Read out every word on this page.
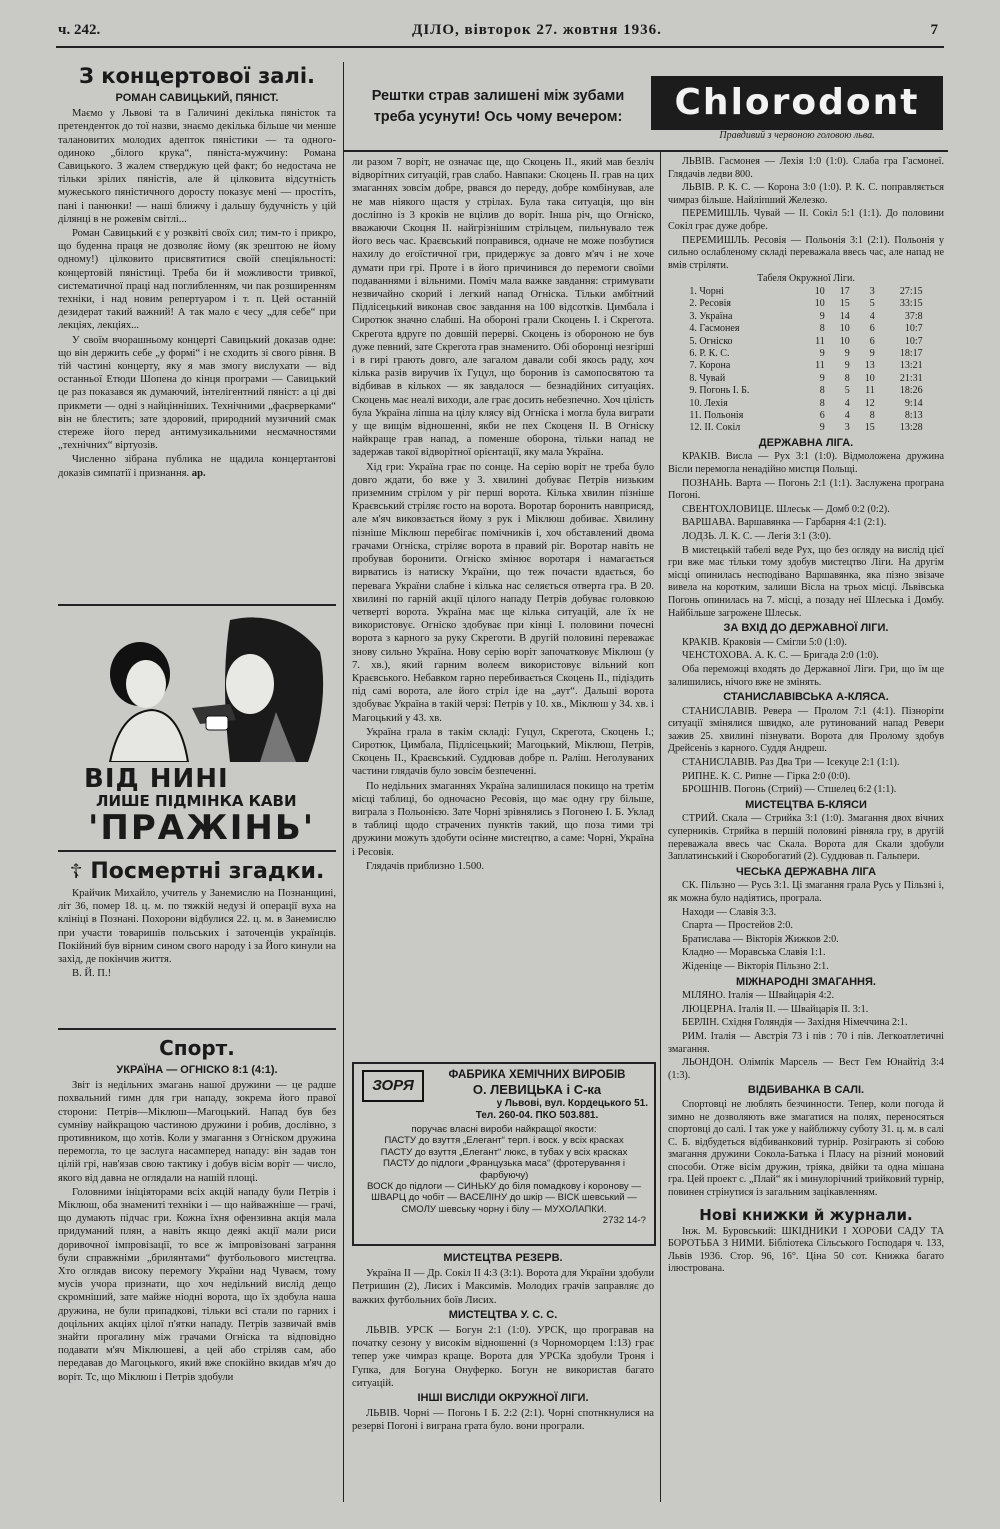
ч. 242.	ДІЛО, вівторок 27. жовтня 1936.	7
З концертової залі.
РОМАН САВИЦЬКИЙ, ПЯНІСТ.

Маємо у Львові та в Галичині декілька пяністок та претенденток до тої назви, знаємо декілька більше чи менше талановитих молодих адепток пяністики — та одного-одиноко „білого крука“, пяніста-мужчину: Романа Савицького. З жалем стверджую цей факт; бо недостача не тільки зрілих пяністів, але й цілковита відсутність мужеського пяністичного доросту показує мені — простіть, пані і панюнки! — наші ближчу і дальшу будучність у цій ділянці в не рожевім світлі...

Роман Савицький є у розквіті своїх сил; тим-то і прикро, що буденна праця не дозволяє йому (як зрештою не йому одному!) цілковито присвятитися своїй спеціяльності: концертовій пяністиці. Треба би й можливости тривкої, систематичної праці над поглибленням, чи пак розширенням техніки, і над новим репертуаром і т. п. Цей останній дезидерат такий важний! А так мало є чесу „для себе“ при лекціях, лекціях...

У своїм вчорашньому концерті Савицький доказав одне: що він держить себе „у формі“ і не сходить зі свого рівня. В тій частині концерту, яку я мав змогу вислухати — від останньої Етюди Шопена до кінця програми — Савицький це раз показався як думаючий, інтелігентний пяніст: а ці дві прикмети — одні з найцінніших. Технічними „фаєрверками“ він не блестить; зате здоровий, природний музичний смак стереже його перед антимузикальними несмачностями „технічних“ віртуозів.

Численно зібрана публика не щадила концертантові доказів симпатії і признання. ар.

ВІД НИНІ
ЛИШЕ ПІДМІНКА КАВИ
'ПРАЖІНЬ'
☦ Посмертні згадки.

Крайчик Михайло, учитель у Занемислю на Познанщині, літ 36, помер 18. ц. м. по тяжкій недузі й операції вуха на клініці в Познані. Похорони відбулися 22. ц. м. в Занемислю при участи товаришів польських і заточенців українців. Покійний був вірним сином свого народу і за Його кинули на захід, де покінчив життя.

В. Й. П.!

Спорт.
УКРАЇНА — ОГНІСКО 8:1 (4:1).

Звіт із недільних змагань нашої дружини — це радше похвальний гимн для гри нападу, зокрема його правої сторони: Петрів—Міклюш—Магоцький. Напад був без сумніву найкращою частиною дружини і робив, дослівно, з противником, що хотів. Коли у змагання з Огніском дружина перемогла, то це заслуга насамперед нападу: він задав тон цілій грі, нав'язав свою тактику і добув вісім воріт — число, якого від давна не оглядали на нашій площі.

Головними ініціяторами всіх акцій нападу були Петрів і Міклюш, оба знамениті техніки і — що найважніше — грачі, що думають підчас гри. Кожна їхня офензивна акція мала придуманий плян, а навіть якщо деякі акції мали риси доривочної імпровізації, то все ж імпровізовані заграння були справжніми „брилянтами“ футбольового мистецтва. Хто оглядав високу перемогу України над Чуваєм, тому мусів учора признати, що хоч недільний вислід дещо скромніший, зате майже ніодні ворота, що їх здобула наша дружина, не були припадкові, тільки всі стали по гарних і доцільних акціях цілої п'ятки нападу. Петрів зазвичай вмів знайти прогалину між грачами Огніска та відповідно подавати м'яч Міклюшеві, а цей або стріляв сам, або передавав до Магоцького, який вже спокійно вкидав м'яч до воріт. Тс, що Міклюш і Петрів здобули

Рештки страв залишені між зубами треба усунути! Ось чому вечером:	Chlorodont
Правдивий з червоною головою льва.

ли разом 7 воріт, не означає ще, що Скоцень II., який мав безліч відворітних ситуацій, грав слабо. Навпаки: Скоцень II. грав на цих змаганнях зовсім добре, рвався до переду, добре комбінував, але не мав ніякого щастя у стрілах. Була така ситуація, що він досліпно із 3 кроків не вцілив до воріт. Інша річ, що Огніско, вважаючи Скоцня II. найгрізнішим стрільцем, пильнувало теж його весь час. Краєвський поправився, одначе не може позбутися нахилу до егоїстичної гри, придержує за довго м'яч і не хоче думати при грі. Проте і в його причинився до перемоги своїми подаваннями і вільними. Поміч мала важке завдання: стримувати незвичайно скорий і легкий напад Огніска. Тільки амбітний Підлісецький виконав своє завдання на 100 відсотків. Цимбала і Сиротюк значно слабші. На обороні грали Скоцень I. і Скрегота. Скрегота вдруге по довшій перерві. Скоцень із обороною не був дуже певний, зате Скрегота грав знаменито. Обі оборонці незгірші і в гирі грають довго, але загалом давали собі якось раду, хоч кілька разів виручив їх Гуцул, що боронив із самопосвятою та відбивав в кількох — як завдалося — безнадійних ситуаціях. Скоцень має неалі виходи, але грає досить небезпечно. Хоч цілість була Україна ліпша на цілу клясу від Огніска і могла була виграти у ще вищім відношенні, якби не пех Скоценя II. В Огніску найкраще грав напад, а поменше оборона, тільки напад не задержав такої відворітної орієнтації, яку мала Україна.

Хід гри: Україна грає по сонце. На серію воріт не треба було довго ждати, бо вже у 3. хвилині добуває Петрів низьким приземним стрілом у ріг перші ворота. Кілька хвилин пізніше Краєвський стріляє госто на ворота. Воротар боронить навприсяд, але м'яч виковзається йому з рук і Міклюш добиває. Хвилину пізніше Міклюш перебігає помічників і, хоч обставлений двома грачами Огніска, стріляє ворота в правий ріг. Воротар навіть не пробував боронити. Огніско змінює воротаря і намагається вирватись із натиску України, що теж почасти вдається, бо перевага України слабне і кілька нас селяється отверта гра. В 20. хвилині по гарній акції цілого нападу Петрів добуває головкою четверті ворота. Україна має ще кілька ситуацій, але їх не використовує. Огніско здобуває при кінці I. половини почесні ворота з карного за руку Скреготи. В другій половині переважає знову сильно Україна. Нову серію воріт започатковує Міклюш (у 7. хв.), який гарним волеєм використовує вільний коп Краєвського. Небавком гарно перебивається Скоцень II., підіздить під самі ворота, але його стріл іде на „аут“. Дальші ворота здобуває Україна в такій черзі: Петрів у 10. хв., Міклюш у 34. хв. і Магоцький у 43. хв.

Україна грала в такім складі: Гуцул, Скрегота, Скоцень I.; Сиротюк, Цимбала, Підлісецький; Магоцький, Міклюш, Петрів, Скоцень II., Краєвський. Суддював добре п. Раліш. Неголуваних частини глядачів було зовсім безпеченні.

По недільних змаганнях Україна залишилася покищо на третім місці таблиці, бо одночасно Ресовія, що має одну гру більше, виграла з Польонією. Зате Чорні зрівнялись з Погонею I. Б. Уклад в таблиці щодо страчених пунктів такий, що поза тими трі дружини можуть здобути осінне мистецтво, а саме: Чорні, Україна і Ресовія.

Глядачів приблизно 1.500.

ЗОРЯ
ФАБРИКА ХЕМІЧНИХ ВИРОБІВ
О. ЛЕВИЦЬКА і С-ка
у Львові, вул. Кордецького 51.
Тел. 260-04. ПКО 503.881.
поручає власні вироби найкращої якости:
ПАСТУ до взуття „Елегант“ терп. і воск. у всіх красках
ПАСТУ до взуття „Елегант“ люкс, в тубах у всіх красках
ПАСТУ до підлоги „Французька маса“ (фротерування і фарбуючу)
ВОСК до підлоги — СИНЬКУ до біля помадкову і коронову — ШВАРЦ до чобіт — ВАСЕЛІНУ до шкір — ВІСК шевський — СМОЛУ шевську чорну і білу — МУХОЛАПКИ.
2732 14-?
МИСТЕЦТВА РЕЗЕРВ.

Україна II — Др. Сокіл II 4:3 (3:1). Ворота для України здобули Петришин (2), Лисих і Максимів. Молодих грачів заправляє до важких футбольних боїв Лисих.

МИСТЕЦТВА У. С. С.

ЛЬВІВ. УРСК — Богун 2:1 (1:0). УРСК, що програвав на початку сезону у високім відношенні (з Чорноморцем 1:13) грає тепер уже чимраз краще. Ворота для УРСКа здобули Троня і Гупка, для Богуна Онуферко. Богун не використав багато ситуацій.

ІНШІ ВИСЛІДИ ОКРУЖНОЇ ЛІГИ.

ЛЬВІВ. Чорні — Погонь I Б. 2:2 (2:1). Чорні спотнкнулися на резерві Погоні і виграна грата було. вони програли.

ЛЬВІВ. Гасмонея — Лехія 1:0 (1:0). Слаба гра Гасмонеї. Глядачів ледви 800.

ЛЬВІВ. Р. К. С. — Корона 3:0 (1:0). Р. К. С. поправляється чимраз більше. Найліпший Железко.

ПЕРЕМИШЛЬ. Чувай — II. Сокіл 5:1 (1:1). До половини Сокіл грає дуже добре.

ПЕРЕМИШЛЬ. Ресовія — Польонія 3:1 (2:1). Польонія у сильно ослабленому складі переважала ввесь час, але напад не вмів стріляти.

Табеля Окружної Ліги.
1. Чорні	10	17	3	27:15
2. Ресовія	10	15	5	33:15
3. Україна	9	14	4	37:8
4. Гасмонея	8	10	6	10:7
5. Огніско	11	10	6	10:7
6. Р. К. С.	9	9	9	18:17
7. Корона	11	9	13	13:21
8. Чувай	9	8	10	21:31
9. Погонь I. Б.	8	5	11	18:26
10. Лехія	8	4	12	9:14
11. Польонія	6	4	8	8:13
12. II. Сокіл	9	3	15	13:28
ДЕРЖАВНА ЛІГА.

КРАКІВ. Висла — Рух 3:1 (1:0). Відмоложена дружина Вісли перемогла ненадійно мистця Польщі.

ПОЗНАНЬ. Варта — Погонь 2:1 (1:1). Заслужена програна Погоні.

СВЕНТОХЛОВИЦЕ. Шлеськ — Домб 0:2 (0:2).

ВАРШАВА. Варшавянка — Гарбарня 4:1 (2:1).

ЛОДЗЬ. Л. К. С. — Легія 3:1 (3:0).

В мистецькій табелі веде Рух, що без огляду на вислід цієї гри вже має тільки тому здобув мистецтво Ліги. На другім місці опинилась несподівано Варшавянка, яка пізно звізаче вивела на коротким, залиши Вісла на трьох місці. Львівська Погонь опинилась на 7. місці, а позаду неї Шлеська і Домбу. Найбільше загрожене Шлеськ.

ЗА ВХІД ДО ДЕРЖАВНОЇ ЛІГИ.

КРАКІВ. Краковія — Смігли 5:0 (1:0).

ЧЕНСТОХОВА. А. К. С. — Бригада 2:0 (1:0).

Оба переможці входять до Державної Ліги. Гри, що їм ще залишились, нічого вже не змінять.

СТАНИСЛАВІВСЬКА А-КЛЯСА.

СТАНИСЛАВІВ. Ревера — Пролом 7:1 (4:1). Пізноріти ситуації змінялися швидко, але рутинований напад Ревери зажив 25. хвилині пізнувати. Ворота для Пролому здобув Дрейсеніь з карного. Суддя Андреш.

СТАНИСЛАВІВ. Раз Два Три — Ісекуце 2:1 (1:1).

РИПНЕ. К. С. Рипне — Гірка 2:0 (0:0).

БРОШНІВ. Погонь (Стрий) — Стшелец 6:2 (1:1).

МИСТЕЦТВА Б-КЛЯСИ

СТРИЙ. Скала — Стрийка 3:1 (1:0). Змагання двох вічних суперників. Стрийка в першій половині рівняла гру, в другій переважала ввесь час Скала. Ворота для Скали здобули Заплатинський і Скоробогатий (2). Суддював п. Гальпери.

ЧЕСЬКА ДЕРЖАВНА ЛІГА

СК. Пільзно — Русь 3:1. Ці змагання грала Русь у Пільзні і, як можна було надіятись, програла.

Находи — Славія 3:3.

Спарта — Простейов 2:0.

Братислава — Вікторія Жижков 2:0.

Кладно — Моравська Славія 1:1.

Жіденіце — Вікторія Пільзно 2:1.

МІЖНАРОДНІ ЗМАГАННЯ.

МІЛЯНО. Італія — Швайцарія 4:2.

ЛЮЦЕРНА. Італія II. — Швайцарія II. 3:1.

БЕРЛІН. Східня Голяндія — Західня Німеччина 2:1.

РИМ. Італія — Австрія 73 і пів : 70 і пів. Легкоатлетичні змагання.

ЛЬОНДОН. Олімпік Марсель — Вест Гем Юнайтід 3:4 (1:3).

ВІДБИВАНКА В САЛІ.

Спортовці не люблять безчинности. Тепер, коли погода й зимно не дозволяють вже змагатися на полях, переносяться спортовці до салі. І так уже у найближчу суботу 31. ц. м. в салі С. Б. відбудеться відбиванковий турнір. Розіграють зі собою змагання дружини Сокола-Батька і Пласу на різний моновий способи. Отже вісім дружин, тріяка, двійки та одна мішана гра. Цей проект с. „Плай“ як і минулорічний трийковий турнір, повинен стрінутися із загальним зацікавленням.

Нові книжки й журнали.

Інж. М. Буровський: ШКІДНИКИ І ХОРОБИ САДУ ТА БОРОТЬБА З НИМИ. Бібліотека Сільського Господаря ч. 133, Львів 1936. Стор. 96, 16°. Ціна 50 сот. Книжка багато ілюстрована.
